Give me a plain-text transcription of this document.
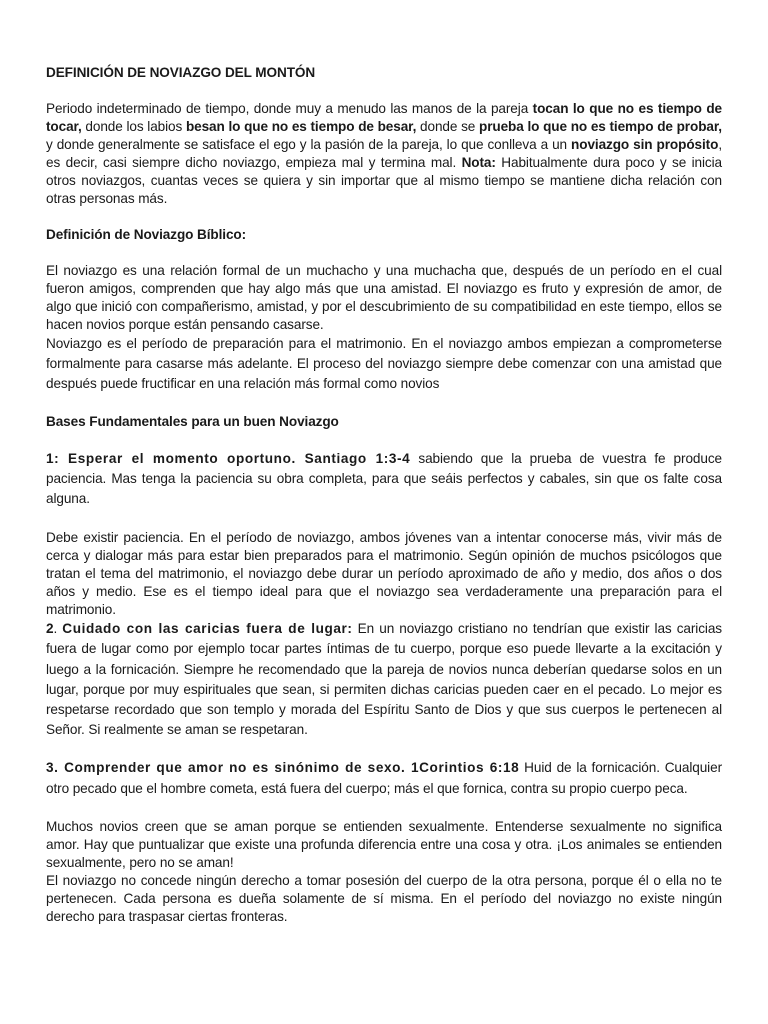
DEFINICIÓN DE NOVIAZGO DEL MONTÓN

Periodo indeterminado de tiempo, donde muy a menudo las manos de la pareja tocan lo que no es tiempo de tocar, donde los labios besan lo que no es tiempo de besar, donde se prueba lo que no es tiempo de probar, y donde generalmente se satisface el ego y la pasión de la pareja, lo que conlleva a un noviazgo sin propósito, es decir, casi siempre dicho noviazgo, empieza mal y termina mal. Nota: Habitualmente dura poco y se inicia otros noviazgos, cuantas veces se quiera y sin importar que al mismo tiempo se mantiene dicha relación con otras personas más.

Definición de Noviazgo Bíblico:

El noviazgo es una relación formal de un muchacho y una muchacha que, después de un período en el cual fueron amigos, comprenden que hay algo más que una amistad. El noviazgo es fruto y expresión de amor, de algo que inició con compañerismo, amistad, y por el descubrimiento de su compatibilidad en este tiempo, ellos se hacen novios porque están pensando casarse.

Noviazgo es el período de preparación para el matrimonio. En el noviazgo ambos empiezan a comprometerse formalmente para casarse más adelante. El proceso del noviazgo siempre debe comenzar con una amistad que después puede fructificar en una relación más formal como novios

Bases Fundamentales para un buen Noviazgo

1: Esperar el momento oportuno. Santiago 1:3-4 sabiendo que la prueba de vuestra fe produce paciencia. Mas tenga la paciencia su obra completa, para que seáis perfectos y cabales, sin que os falte cosa alguna.

Debe existir paciencia. En el período de noviazgo, ambos jóvenes van a intentar conocerse más, vivir más de cerca y dialogar más para estar bien preparados para el matrimonio. Según opinión de muchos psicólogos que tratan el tema del matrimonio, el noviazgo debe durar un período aproximado de año y medio, dos años o dos años y medio. Ese es el tiempo ideal para que el noviazgo sea verdaderamente una preparación para el matrimonio.

2. Cuidado con las caricias fuera de lugar: En un noviazgo cristiano no tendrían que existir las caricias fuera de lugar como por ejemplo tocar partes íntimas de tu cuerpo, porque eso puede llevarte a la excitación y luego a la fornicación. Siempre he recomendado que la pareja de novios nunca deberían quedarse solos en un lugar, porque por muy espirituales que sean, si permiten dichas caricias pueden caer en el pecado. Lo mejor es respetarse recordado que son templo y morada del Espíritu Santo de Dios y que sus cuerpos le pertenecen al Señor. Si realmente se aman se respetaran.

3. Comprender que amor no es sinónimo de sexo. 1Corintios 6:18 Huid de la fornicación. Cualquier otro pecado que el hombre cometa, está fuera del cuerpo; más el que fornica, contra su propio cuerpo peca.

Muchos novios creen que se aman porque se entienden sexualmente. Entenderse sexualmente no significa amor. Hay que puntualizar que existe una profunda diferencia entre una cosa y otra. ¡Los animales se entienden sexualmente, pero no se aman!

El noviazgo no concede ningún derecho a tomar posesión del cuerpo de la otra persona, porque él o ella no te pertenecen. Cada persona es dueña solamente de sí misma. En el período del noviazgo no existe ningún derecho para traspasar ciertas fronteras.
